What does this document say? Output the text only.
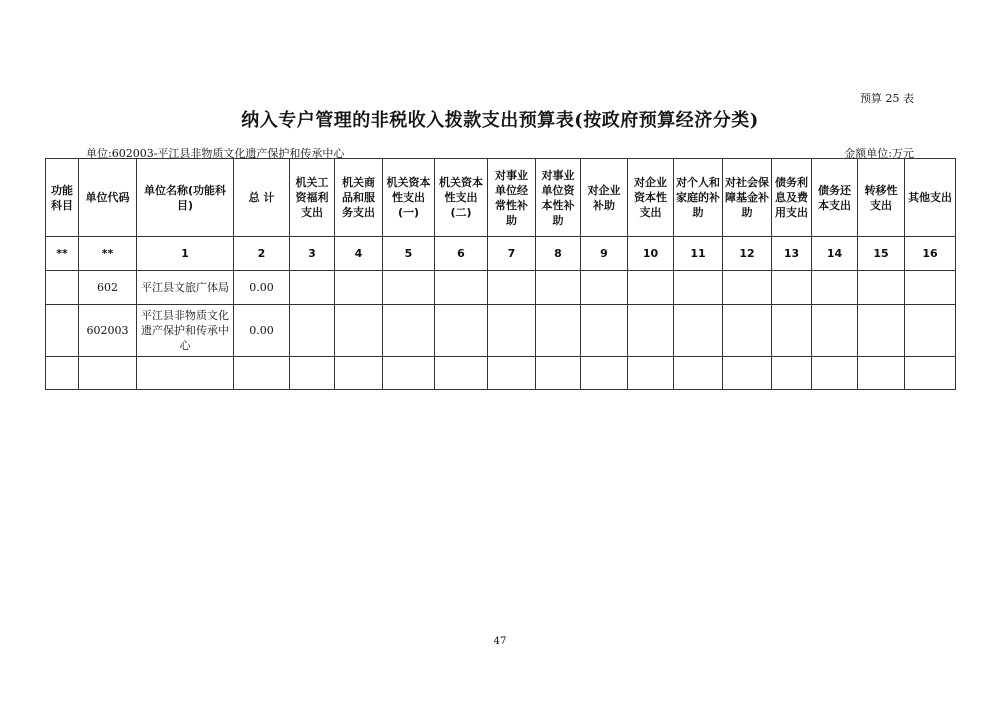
预算 25 表
纳入专户管理的非税收入拨款支出预算表(按政府预算经济分类)
单位:602003-平江县非物质文化遗产保护和传承中心	金额单位:万元
功能科目	单位代码	单位名称(功能科目)	总 计	机关工资福利支出	机关商品和服务支出	机关资本性支出(一)	机关资本性支出(二)	对事业单位经常性补助	对事业单位资本性补助	对企业补助	对企业资本性支出	对个人和家庭的补助	对社会保障基金补助	债务利息及费用支出	债务还本支出	转移性支出	其他支出
**	**	1	2	3	4	5	6	7	8	9	10	11	12	13	14	15	16
	602	平江县文旅广体局	0.00														
	602003	平江县非物质文化遗产保护和传承中心	0.00														

47
